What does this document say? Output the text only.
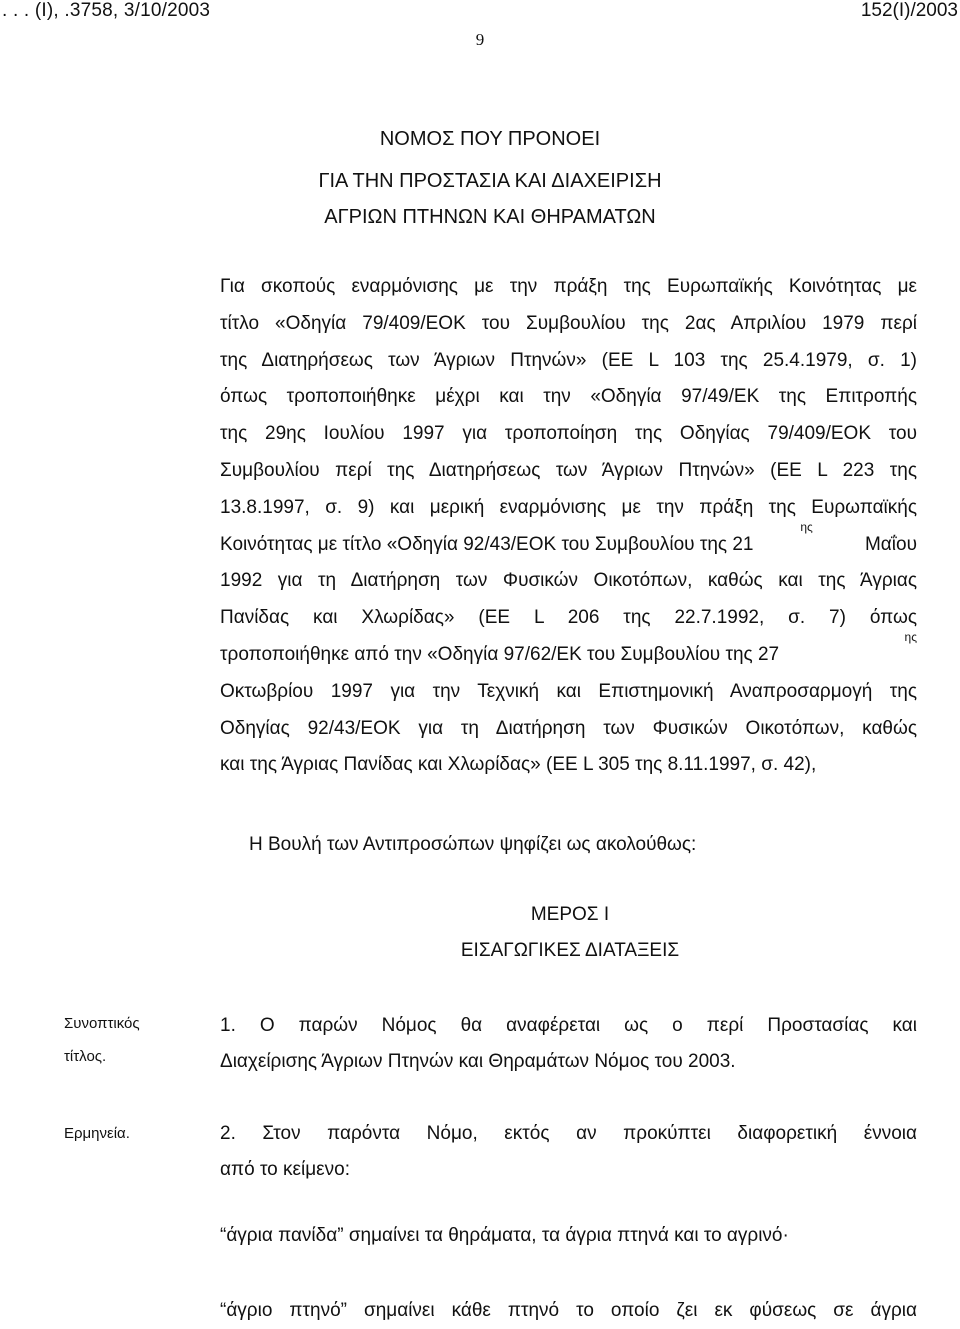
. . . (Ι), .3758, 3/10/2003	152(Ι)/2003
9
ΝΟΜΟΣ ΠΟΥ ΠΡΟΝΟΕΙ
ΓΙΑ ΤΗΝ ΠΡΟΣΤΑΣΙΑ ΚΑΙ ΔΙΑΧΕΙΡΙΣΗ
ΑΓΡΙΩΝ ΠΤΗΝΩΝ ΚΑΙ ΘΗΡΑΜΑΤΩΝ
Για σκοπούς εναρμόνισης με την πράξη της Ευρωπαϊκής Κοινότητας με
τίτλο «Οδηγία 79/409/ΕΟΚ του Συμβουλίου της 2ας Απριλίου 1979 περί
της Διατηρήσεως των Άγριων Πτηνών» (ΕΕ L 103 της 25.4.1979, σ. 1)
όπως τροποποιήθηκε μέχρι και την «Οδηγία 97/49/ΕΚ της Επιτροπής
της 29ης Ιουλίου 1997 για τροποποίηση της Οδηγίας 79/409/ΕΟΚ του
Συμβουλίου περί της Διατηρήσεως των Άγριων Πτηνών» (ΕΕ L 223 της
13.8.1997, σ. 9) και μερική εναρμόνισης με την πράξη της Ευρωπαϊκής
Κοινότητας με τίτλο «Οδηγία 92/43/ΕΟΚ του Συμβουλίου της 21
ης
Μαΐου
1992 για τη Διατήρηση των Φυσικών Οικοτόπων, καθώς και της Άγριας
Πανίδας και Χλωρίδας» (ΕΕ L 206 της 22.7.1992, σ. 7) όπως
τροποποιήθηκε από την «Οδηγία 97/62/ΕΚ του Συμβουλίου της 27
ης
Οκτωβρίου 1997 για την Τεχνική και Επιστημονική Αναπροσαρμογή της
Οδηγίας 92/43/ΕΟΚ για τη Διατήρηση των Φυσικών Οικοτόπων, καθώς
και της Άγριας Πανίδας και Χλωρίδας» (ΕΕ L 305 της 8.11.1997, σ. 42),
Η Βουλή των Αντιπροσώπων ψηφίζει ως ακολούθως:
ΜΕΡΟΣ Ι
ΕΙΣΑΓΩΓΙΚΕΣ ΔΙΑΤΑΞΕΙΣ
Συνοπτικός
τίτλος.
1. Ο παρών Νόμος θα αναφέρεται ως ο περί Προστασίας και
Διαχείρισης Άγριων Πτηνών και Θηραμάτων Νόμος του 2003.
Ερμηνεία.	2. Στον παρόντα Νόμο, εκτός αν προκύπτει διαφορετική έννοια
από το κείμενο:
“άγρια πανίδα” σημαίνει τα θηράματα, τα άγρια πτηνά και το αγρινό·
“άγριο πτηνό” σημαίνει κάθε πτηνό το οποίο ζει εκ φύσεως σε άγρια
